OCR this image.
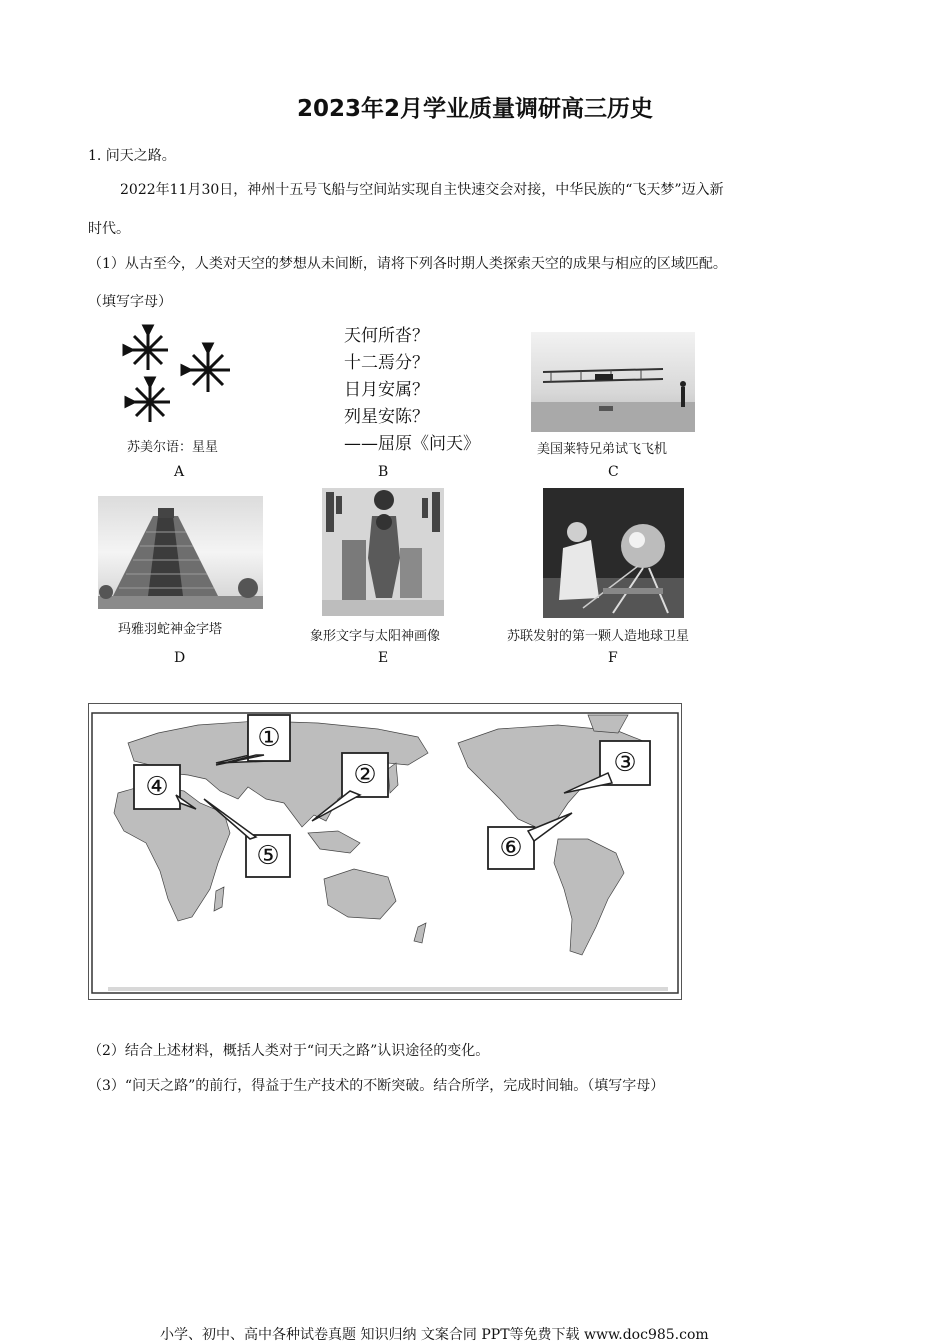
2023年2月学业质量调研高三历史
1. 问天之路。
2022年11月30日，神州十五号飞船与空间站实现自主快速交会对接，中华民族的“飞天梦”迈入新
时代。
（1）从古至今，人类对天空的梦想从未间断，请将下列各时期人类探索天空的成果与相应的区域匹配。
（填写字母）
苏美尔语：星星
A
天何所沓？
十二焉分？
日月安属？
列星安陈？
——屈原《问天》
B
美国莱特兄弟试飞飞机
C
玛雅羽蛇神金字塔
D
象形文字与太阳神画像
E
苏联发射的第一颗人造地球卫星
F
①
②	③
④
⑤	⑥
（2）结合上述材料，概括人类对于“问天之路”认识途径的变化。
（3）“问天之路”的前行，得益于生产技术的不断突破。结合所学，完成时间轴。（填写字母）
小学、初中、高中各种试卷真题 知识归纳 文案合同 PPT等免费下载 www.doc985.com
